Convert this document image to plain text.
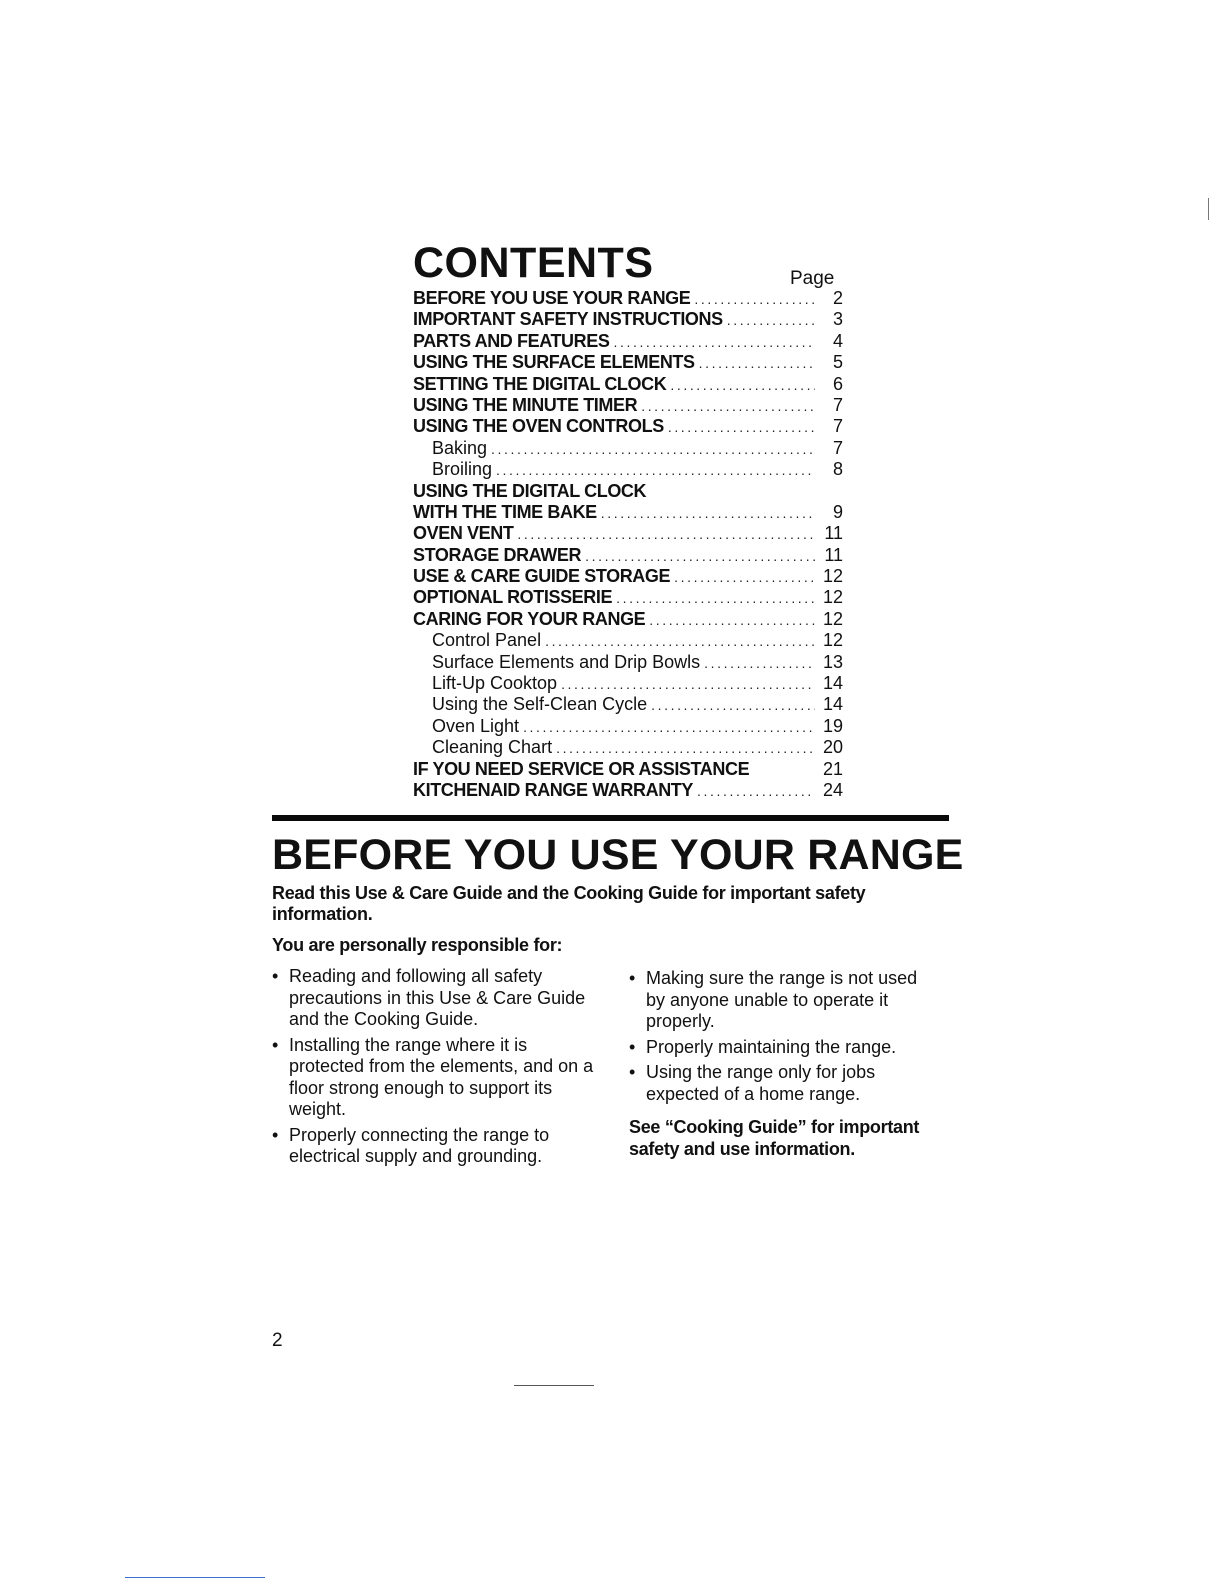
CONTENTS	Page
BEFORE YOU USE YOUR RANGE .....	2
IMPORTANT SAFETY INSTRUCTIONS .....	3
PARTS AND FEATURES .....	4
USING THE SURFACE ELEMENTS .....	5
SETTING THE DIGITAL CLOCK .....	6
USING THE MINUTE TIMER .....	7
USING THE OVEN CONTROLS .....	7
Baking .....	7
Broiling .....	8
USING THE DIGITAL CLOCK
WITH THE TIME BAKE .....	9
OVEN VENT .....	11
STORAGE DRAWER .....	11
USE & CARE GUIDE STORAGE .....	12
OPTIONAL ROTISSERIE .....	12
CARING FOR YOUR RANGE .....	12
Control Panel .....	12
Surface Elements and Drip Bowls .....	13
Lift-Up Cooktop .....	14
Using the Self-Clean Cycle .....	14
Oven Light .....	19
Cleaning Chart .....	20
IF YOU NEED SERVICE OR ASSISTANCE	21
KITCHENAID RANGE WARRANTY .....	24
BEFORE YOU USE YOUR RANGE

Read this Use & Care Guide and the Cooking Guide for important safety information.

You are personally responsible for:

• Reading and following all safety precautions in this Use & Care Guide and the Cooking Guide.
• Installing the range where it is protected from the elements, and on a floor strong enough to support its weight.
• Properly connecting the range to electrical supply and grounding.
• Making sure the range is not used by anyone unable to operate it properly.
• Properly maintaining the range.
• Using the range only for jobs expected of a home range.

See “Cooking Guide” for important safety and use information.

2
